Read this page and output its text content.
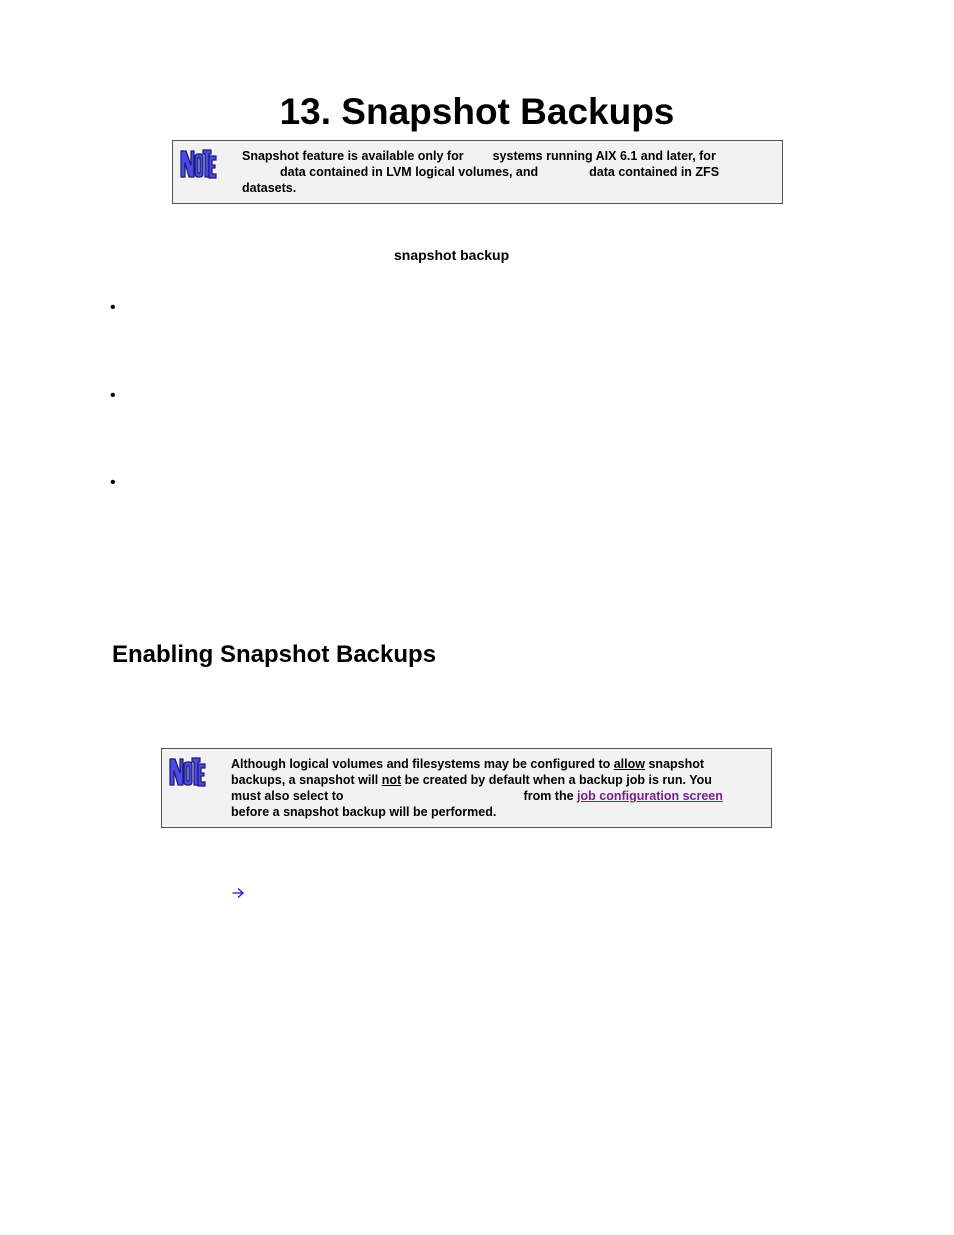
13. Snapshot Backups
Snapshot feature is available only for systems running AIX 6.1 and later, for
data contained in LVM logical volumes, and	data contained in ZFS
datasets.
snapshot backup
•
•
•
Enabling Snapshot Backups
Although logical volumes and filesystems may be configured to allow snapshot
backups, a snapshot will not be created by default when a backup job is run. You
must also select to	from the job configuration screen
before a snapshot backup will be performed.
